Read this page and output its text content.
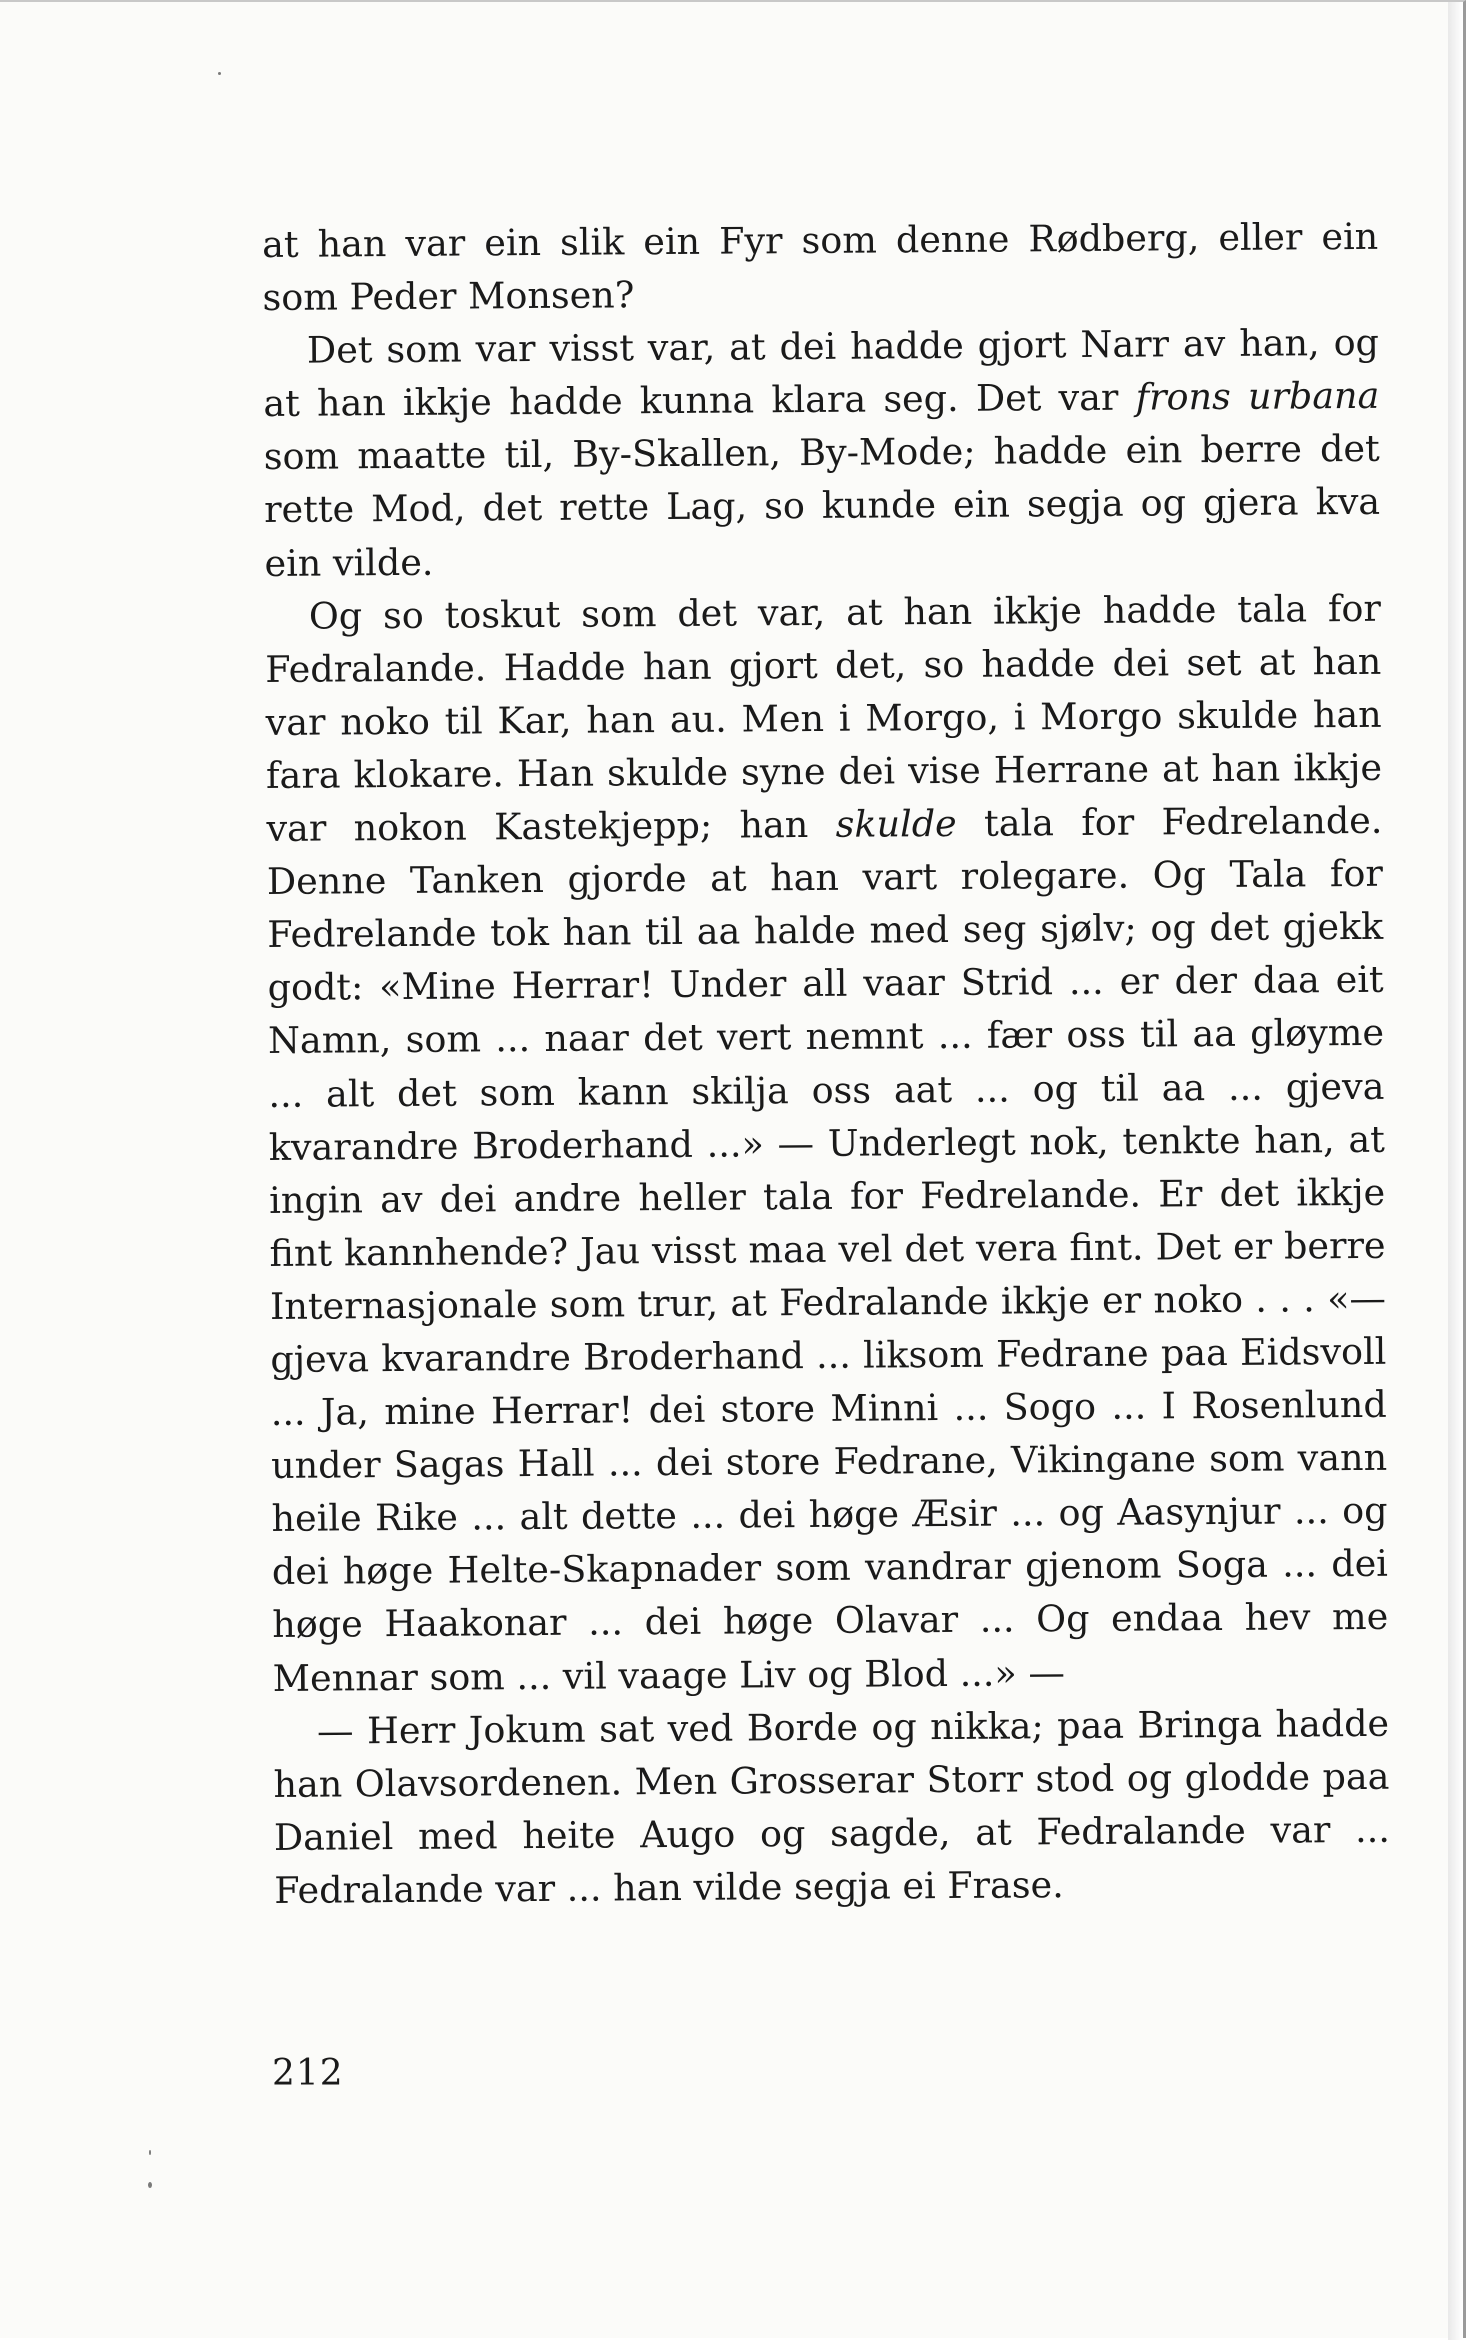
at han var ein slik ein Fyr som denne Rødberg, eller ein som Peder Monsen?

Det som var visst var, at dei hadde gjort Narr av han, og at han ikkje hadde kunna klara seg. Det var frons urbana som maatte til, By-Skallen, By-Mode; hadde ein berre det rette Mod, det rette Lag, so kunde ein segja og gjera kva ein vilde.

Og so toskut som det var, at han ikkje hadde tala for Fedralande. Hadde han gjort det, so hadde dei set at han var noko til Kar, han au. Men i Morgo, i Morgo skulde han fara klokare. Han skulde syne dei vise Herrane at han ikkje var nokon Kastekjepp; han skulde tala for Fedrelande. Denne Tanken gjorde at han vart rolegare. Og Tala for Fedrelande tok han til aa halde med seg sjølv; og det gjekk godt: «Mine Herrar! Under all vaar Strid ... er der daa eit Namn, som ... naar det vert nemnt ... fær oss til aa gløyme ... alt det som kann skilja oss aat ... og til aa ... gjeva kvarandre Broderhand ...» — Underlegt nok, tenkte han, at ingin av dei andre heller tala for Fedrelande. Er det ikkje fint kannhende? Jau visst maa vel det vera fint. Det er berre Internasjonale som trur, at Fedralande ikkje er noko . . . «— gjeva kvarandre Broderhand ... liksom Fedrane paa Eidsvoll ... Ja, mine Herrar! dei store Minni ... Sogo ... I Rosenlund under Sagas Hall ... dei store Fedrane, Vikingane som vann heile Rike ... alt dette ... dei høge Æsir ... og Aasynjur ... og dei høge Helte-Skapnader som vandrar gjenom Soga ... dei høge Haakonar ... dei høge Olavar ... Og endaa hev me Mennar som ... vil vaage Liv og Blod ...» —

— Herr Jokum sat ved Borde og nikka; paa Bringa hadde han Olavsordenen. Men Grosserar Storr stod og glodde paa Daniel med heite Augo og sagde, at Fedralande var ... Fedralande var ... han vilde segja ei Frase.

212
